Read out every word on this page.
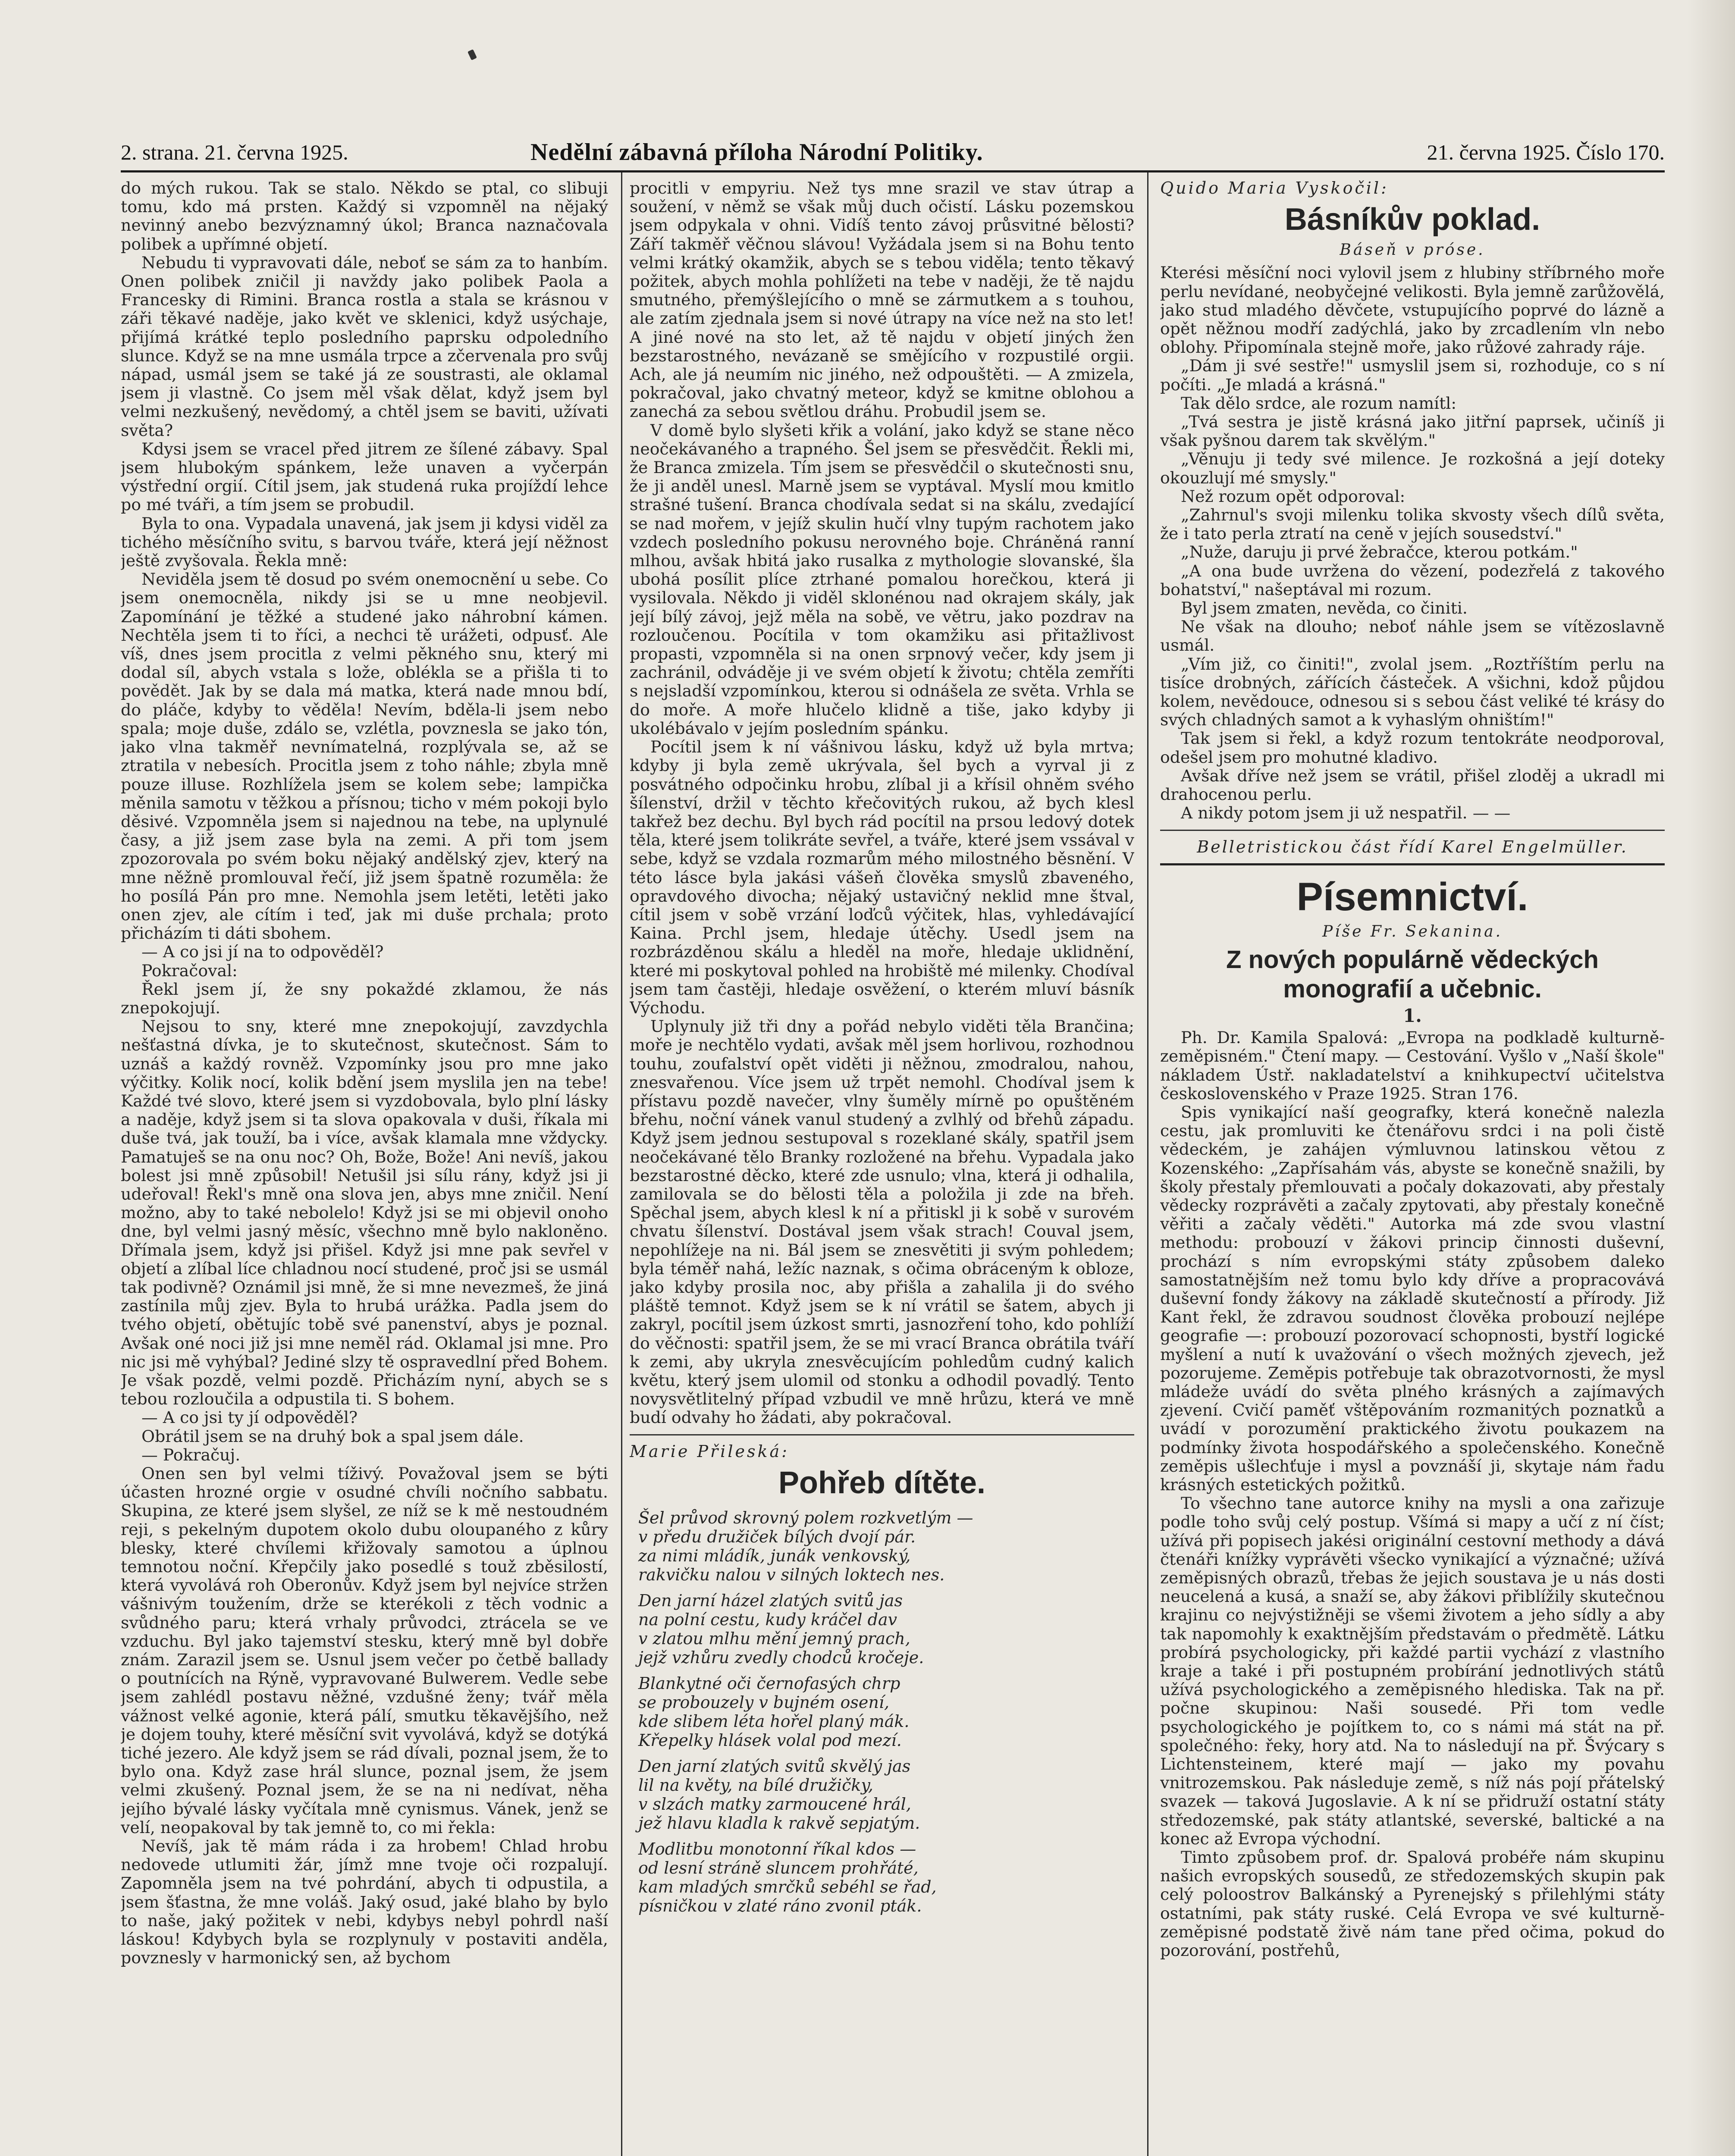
2. strana. 21. června 1925.	Nedělní zábavná příloha Národní Politiky.	21. června 1925. Číslo 170.

do mých rukou. Tak se stalo. Někdo se ptal, co slibuji tomu, kdo má prsten. Každý si vzpomněl na nějaký nevinný anebo bezvýznamný úkol; Branca naznačovala polibek a upřímné objetí.

Nebudu ti vypravovati dále, neboť se sám za to hanbím. Onen polibek zničil ji navždy jako polibek Paola a Francesky di Rimini. Branca rostla a stala se krásnou v záři těkavé naděje, jako květ ve sklenici, když usýchaje, přijímá krátké teplo posledního paprsku odpoledního slunce. Když se na mne usmála trpce a zčervenala pro svůj nápad, usmál jsem se také já ze soustrasti, ale oklamal jsem ji vlastně. Co jsem měl však dělat, když jsem byl velmi nezkušený, nevědomý, a chtěl jsem se baviti, užívati světa?

Kdysi jsem se vracel před jitrem ze šílené zábavy. Spal jsem hlubokým spánkem, leže unaven a vyčerpán výstřední orgií. Cítil jsem, jak studená ruka projíždí lehce po mé tváři, a tím jsem se probudil.

Byla to ona. Vypadala unavená, jak jsem ji kdysi viděl za tichého měsíčního svitu, s barvou tváře, která její něžnost ještě zvyšovala. Řekla mně:

Neviděla jsem tě dosud po svém onemocnění u sebe. Co jsem onemocněla, nikdy jsi se u mne neobjevil. Zapomínání je těžké a studené jako náhrobní kámen. Nechtěla jsem ti to říci, a nechci tě urážeti, odpusť. Ale víš, dnes jsem procitla z velmi pěkného snu, který mi dodal síl, abych vstala s lože, oblékla se a přišla ti to povědět. Jak by se dala má matka, která nade mnou bdí, do pláče, kdyby to věděla! Nevím, bděla-li jsem nebo spala; moje duše, zdálo se, vzlétla, povznesla se jako tón, jako vlna takměř nevnímatelná, rozplývala se, až se ztratila v nebesích. Procitla jsem z toho náhle; zbyla mně pouze illuse. Rozhlížela jsem se kolem sebe; lampička měnila samotu v těžkou a přísnou; ticho v mém pokoji bylo děsivé. Vzpomněla jsem si najednou na tebe, na uplynulé časy, a již jsem zase byla na zemi. A při tom jsem zpozorovala po svém boku nějaký andělský zjev, který na mne něžně promlouval řečí, již jsem špatně rozuměla: že ho posílá Pán pro mne. Nemohla jsem letěti, letěti jako onen zjev, ale cítím i teď, jak mi duše prchala; proto přicházím ti dáti sbohem.

— A co jsi jí na to odpověděl?

Pokračoval:

Řekl jsem jí, že sny pokaždé zklamou, že nás znepokojují.

Nejsou to sny, které mne znepokojují, zavzdychla nešťastná dívka, je to skutečnost, skutečnost. Sám to uznáš a každý rovněž. Vzpomínky jsou pro mne jako výčitky. Kolik nocí, kolik bdění jsem myslila jen na tebe! Každé tvé slovo, které jsem si vyzdobovala, bylo plní lásky a naděje, když jsem si ta slova opakovala v duši, říkala mi duše tvá, jak touží, ba i více, avšak klamala mne vždycky. Pamatuješ se na onu noc? Oh, Bože, Bože! Ani nevíš, jakou bolest jsi mně způsobil! Netušil jsi sílu rány, když jsi ji udeřoval! Řekl's mně ona slova jen, abys mne zničil. Není možno, aby to také nebolelo! Když jsi se mi objevil onoho dne, byl velmi jasný měsíc, všechno mně bylo nakloněno. Dřímala jsem, když jsi přišel. Když jsi mne pak sevřel v objetí a zlíbal líce chladnou nocí studené, proč jsi se usmál tak podivně? Oznámil jsi mně, že si mne nevezmeš, že jiná zastínila můj zjev. Byla to hrubá urážka. Padla jsem do tvého objetí, obětujíc tobě své panenství, abys je poznal. Avšak oné noci již jsi mne neměl rád. Oklamal jsi mne. Pro nic jsi mě vyhýbal? Jediné slzy tě ospravedlní před Bohem. Je však pozdě, velmi pozdě. Přicházím nyní, abych se s tebou rozloučila a odpustila ti. S bohem.

— A co jsi ty jí odpověděl?

Obrátil jsem se na druhý bok a spal jsem dále.

— Pokračuj.

Onen sen byl velmi tíživý. Považoval jsem se býti účasten hrozné orgie v osudné chvíli nočního sabbatu. Skupina, ze které jsem slyšel, ze níž se k mě nestoudném reji, s pekelným dupotem okolo dubu oloupaného z kůry blesky, které chvílemi křižovaly samotou a úplnou temnotou noční. Křepčily jako posedlé s touž zběsilostí, která vyvolává roh Oberonův. Když jsem byl nejvíce stržen vášnivým toužením, drže se kterékoli z těch vodnic a svůdného paru; která vrhaly průvodci, ztrácela se ve vzduchu. Byl jako tajemství stesku, který mně byl dobře znám. Zarazil jsem se. Usnul jsem večer po četbě ballady o poutnících na Rýně, vypravované Bulwerem. Vedle sebe jsem zahlédl postavu něžné, vzdušné ženy; tvář měla vážnost velké agonie, která pálí, smutku těkavějšího, než je dojem touhy, které měsíční svit vyvolává, když se dotýká tiché jezero. Ale když jsem se rád dívali, poznal jsem, že to bylo ona. Když zase hrál slunce, poznal jsem, že jsem velmi zkušený. Poznal jsem, že se na ni nedívat, něha jejího bývalé lásky vyčítala mně cynismus. Vánek, jenž se velí, neopakoval by tak jemně to, co mi řekla:

Nevíš, jak tě mám ráda i za hrobem! Chlad hrobu nedovede utlumiti žár, jímž mne tvoje oči rozpalují. Zapomněla jsem na tvé pohrdání, abych ti odpustila, a jsem šťastna, že mne voláš. Jaký osud, jaké blaho by bylo to naše, jaký požitek v nebi, kdybys nebyl pohrdl naší láskou! Kdybych byla se rozplynuly v postaviti anděla, povznesly v harmonický sen, až bychom

procitli v empyriu. Než tys mne srazil ve stav útrap a soužení, v němž se však můj duch očistí. Lásku pozemskou jsem odpykala v ohni. Vidíš tento závoj průsvitné bělosti? Září takměř věčnou slávou! Vyžádala jsem si na Bohu tento velmi krátký okamžik, abych se s tebou viděla; tento těkavý požitek, abych mohla pohlížeti na tebe v naději, že tě najdu smutného, přemýšlejícího o mně se zármutkem a s touhou, ale zatím zjednala jsem si nové útrapy na více než na sto let! A jiné nové na sto let, až tě najdu v objetí jiných žen bezstarostného, nevázaně se smějícího v rozpustilé orgii. Ach, ale já neumím nic jiného, než odpouštěti. — A zmizela, pokračoval, jako chvatný meteor, když se kmitne oblohou a zanechá za sebou světlou dráhu. Probudil jsem se.

V domě bylo slyšeti křik a volání, jako když se stane něco neočekávaného a trapného. Šel jsem se přesvědčit. Řekli mi, že Branca zmizela. Tím jsem se přesvědčil o skutečnosti snu, že ji anděl unesl. Marně jsem se vyptával. Myslí mou kmitlo strašné tušení. Branca chodívala sedat si na skálu, zvedající se nad mořem, v jejíž skulin hučí vlny tupým rachotem jako vzdech posledního pokusu nerovného boje. Chráněná ranní mlhou, avšak hbitá jako rusalka z mythologie slovanské, šla ubohá posílit plíce ztrhané pomalou horečkou, která ji vysilovala. Někdo ji viděl sklonénou nad okrajem skály, jak její bílý závoj, jejž měla na sobě, ve větru, jako pozdrav na rozloučenou. Pocítila v tom okamžiku asi přitažlivost propasti, vzpomněla si na onen srpnový večer, kdy jsem ji zachránil, odváděje ji ve svém objetí k životu; chtěla zemříti s nejsladší vzpomínkou, kterou si odnášela ze světa. Vrhla se do moře. A moře hlučelo klidně a tiše, jako kdyby ji ukolébávalo v jejím posledním spánku.

Pocítil jsem k ní vášnivou lásku, když už byla mrtva; kdyby ji byla země ukrývala, šel bych a vyrval ji z posvátného odpočinku hrobu, zlíbal ji a křísil ohněm svého šílenství, držil v těchto křečovitých rukou, až bych klesl takřež bez dechu. Byl bych rád pocítil na prsou ledový dotek těla, které jsem tolikráte sevřel, a tváře, které jsem vssával v sebe, když se vzdala rozmarům mého milostného běsnění. V této lásce byla jakási vášeň člověka smyslů zbaveného, opravdového divocha; nějaký ustavičný neklid mne štval, cítil jsem v sobě vrzání loďců výčitek, hlas, vyhledávající Kaina. Prchl jsem, hledaje útěchy. Usedl jsem na rozbrázděnou skálu a hleděl na moře, hledaje uklidnění, které mi poskytoval pohled na hrobiště mé milenky. Chodíval jsem tam častěji, hledaje osvěžení, o kterém mluví básník Východu.

Uplynuly již tři dny a pořád nebylo viděti těla Brančina; moře je nechtělo vydati, avšak měl jsem horlivou, rozhodnou touhu, zoufalství opět viděti ji něžnou, zmodralou, nahou, znesvařenou. Více jsem už trpět nemohl. Chodíval jsem k přístavu pozdě navečer, vlny šuměly mírně po opuštěném břehu, noční vánek vanul studený a zvlhlý od břehů západu. Když jsem jednou sestupoval s rozeklané skály, spatřil jsem neočekávané tělo Branky rozložené na břehu. Vypadala jako bezstarostné děcko, které zde usnulo; vlna, která ji odhalila, zamilovala se do bělosti těla a položila ji zde na břeh. Spěchal jsem, abych klesl k ní a přitiskl ji k sobě v surovém chvatu šílenství. Dostával jsem však strach! Couval jsem, nepohlížeje na ni. Bál jsem se znesvětiti ji svým pohledem; byla téměř nahá, ležíc naznak, s očima obráceným k obloze, jako kdyby prosila noc, aby přišla a zahalila ji do svého pláště temnot. Když jsem se k ní vrátil se šatem, abych ji zakryl, pocítil jsem úzkost smrti, jasnozření toho, kdo pohlíží do věčnosti: spatřil jsem, že se mi vrací Branca obrátila tváří k zemi, aby ukryla znesvěcujícím pohledům cudný kalich květu, který jsem ulomil od stonku a odhodil povadlý. Tento novysvětlitelný případ vzbudil ve mně hrůzu, která ve mně budí odvahy ho žádati, aby pokračoval.

Marie Přileská:

Pohřeb dítěte.
Šel průvod skrovný polem rozkvetlým —
v předu družiček bílých dvojí pár.
za nimi mládík, junák venkovský,
rakvičku nalou v silných loktech nes.
Den jarní házel zlatých svitů jas
na polní cestu, kudy kráčel dav
v zlatou mlhu mění jemný prach,
jejž vzhůru zvedly chodců kročeje.
Blankytné oči černofasých chrp
se probouzely v bujném osení,
kde slibem léta hořel planý mák.
Křepelky hlásek volal pod mezí.
Den jarní zlatých svitů skvělý jas
lil na květy, na bílé družičky,
v slzách matky zarmoucené hrál,
jež hlavu kladla k rakvě sepjatým.
Modlitbu monotonní říkal kdos —
od lesní stráně sluncem prohřáté,
kam mladých smrčků sebéhl se řad,
písničkou v zlaté ráno zvonil pták.

Quido Maria Vyskočil:

Básníkův poklad.
Báseň v próse.

Kterési měsíční noci vylovil jsem z hlubiny stříbrného moře perlu nevídané, neobyčejné velikosti. Byla jemně zarůžovělá, jako stud mladého děvčete, vstupujícího poprvé do lázně a opět něžnou modří zadýchlá, jako by zrcadlením vln nebo oblohy. Připomínala stejně moře, jako růžové zahrady ráje.

„Dám ji své sestře!" usmyslil jsem si, rozhoduje, co s ní počíti. „Je mladá a krásná."

Tak dělo srdce, ale rozum namítl:

„Tvá sestra je jistě krásná jako jitřní paprsek, učiníš ji však pyšnou darem tak skvělým."

„Věnuju ji tedy své milence. Je rozkošná a její doteky okouzlují mé smysly."

Než rozum opět odporoval:

„Zahrnul's svoji milenku tolika skvosty všech dílů světa, že i tato perla ztratí na ceně v jejích sousedství."

„Nuže, daruju ji prvé žebračce, kterou potkám."

„A ona bude uvržena do vězení, podezřelá z takového bohatství," našeptával mi rozum.

Byl jsem zmaten, nevěda, co činiti.

Ne však na dlouho; neboť náhle jsem se vítězoslavně usmál.

„Vím již, co činiti!", zvolal jsem. „Roztříštím perlu na tisíce drobných, zářících částeček. A všichni, kdož půjdou kolem, nevědouce, odnesou si s sebou část veliké té krásy do svých chladných samot a k vyhaslým ohništím!"

Tak jsem si řekl, a když rozum tentokráte neodporoval, odešel jsem pro mohutné kladivo.

Avšak dříve než jsem se vrátil, přišel zloděj a ukradl mi drahocenou perlu.

A nikdy potom jsem ji už nespatřil. — —

Belletristickou část řídí Karel Engelmüller.
Písemnictví.
Píše Fr. Sekanina.
Z nových populárně vědeckých monografií a učebnic.
1.

Ph. Dr. Kamila Spalová: „Evropa na podkladě kulturně-zeměpisném." Čtení mapy. — Cestování. Vyšlo v „Naší škole" nákladem Ústř. nakladatelství a knihkupectví učitelstva československého v Praze 1925. Stran 176.

Spis vynikající naší geografky, která konečně nalezla cestu, jak promluviti ke čtenářovu srdci i na poli čistě vědeckém, je zahájen výmluvnou latinskou větou z Kozenského: „Zapřísahám vás, abyste se konečně snažili, by školy přestaly přemlouvati a počaly dokazovati, aby přestaly vědecky rozprávěti a začaly zpytovati, aby přestaly konečně věřiti a začaly věděti." Autorka má zde svou vlastní methodu: probouzí v žákovi princip činnosti duševní, prochází s ním evropskými státy způsobem daleko samostatnějším než tomu bylo kdy dříve a propracovává duševní fondy žákovy na základě skutečností a přírody. Již Kant řekl, že zdravou soudnost člověka probouzí nejlépe geografie —: probouzí pozorovací schopnosti, bystří logické myšlení a nutí k uvažování o všech možných zjevech, jež pozorujeme. Zeměpis potřebuje tak obrazotvornosti, že mysl mládeže uvádí do světa plného krásných a zajímavých zjevení. Cvičí paměť vštěpováním rozmanitých poznatků a uvádí v porozumění praktického životu poukazem na podmínky života hospodářského a společenského. Konečně zeměpis ušlechťuje i mysl a povznáší ji, skytaje nám řadu krásných estetických požitků.

To všechno tane autorce knihy na mysli a ona zařizuje podle toho svůj celý postup. Všímá si mapy a učí z ní číst; užívá při popisech jakési originální cestovní methody a dává čtenáři knížky vyprávěti všecko vynikající a význačné; užívá zeměpisných obrazů, třebas že jejich soustava je u nás dosti neucelená a kusá, a snaží se, aby žákovi přiblížily skutečnou krajinu co nejvýstižněji se všemi životem a jeho sídly a aby tak napomohly k exaktnějším představám o předmětě. Látku probírá psychologicky, při každé partii vychází z vlastního kraje a také i při postupném probírání jednotlivých států užívá psychologického a zeměpisného hlediska. Tak na př. počne skupinou: Naši sousedé. Při tom vedle psychologického je pojítkem to, co s námi má stát na př. společného: řeky, hory atd. Na to následují na př. Švýcary s Lichtensteinem, které mají — jako my povahu vnitrozemskou. Pak následuje země, s níž nás pojí přátelský svazek — taková Jugoslavie. A k ní se přidruží ostatní státy středozemské, pak státy atlantské, severské, baltické a na konec až Evropa východní.

Timto způsobem prof. dr. Spalová probéře nám skupinu našich evropských sousedů, ze středozemských skupin pak celý poloostrov Balkánský a Pyrenejský s přilehlými státy ostatními, pak státy ruské. Celá Evropa ve své kulturně-zeměpisné podstatě živě nám tane před očima, pokud do pozorování, postřehů,
